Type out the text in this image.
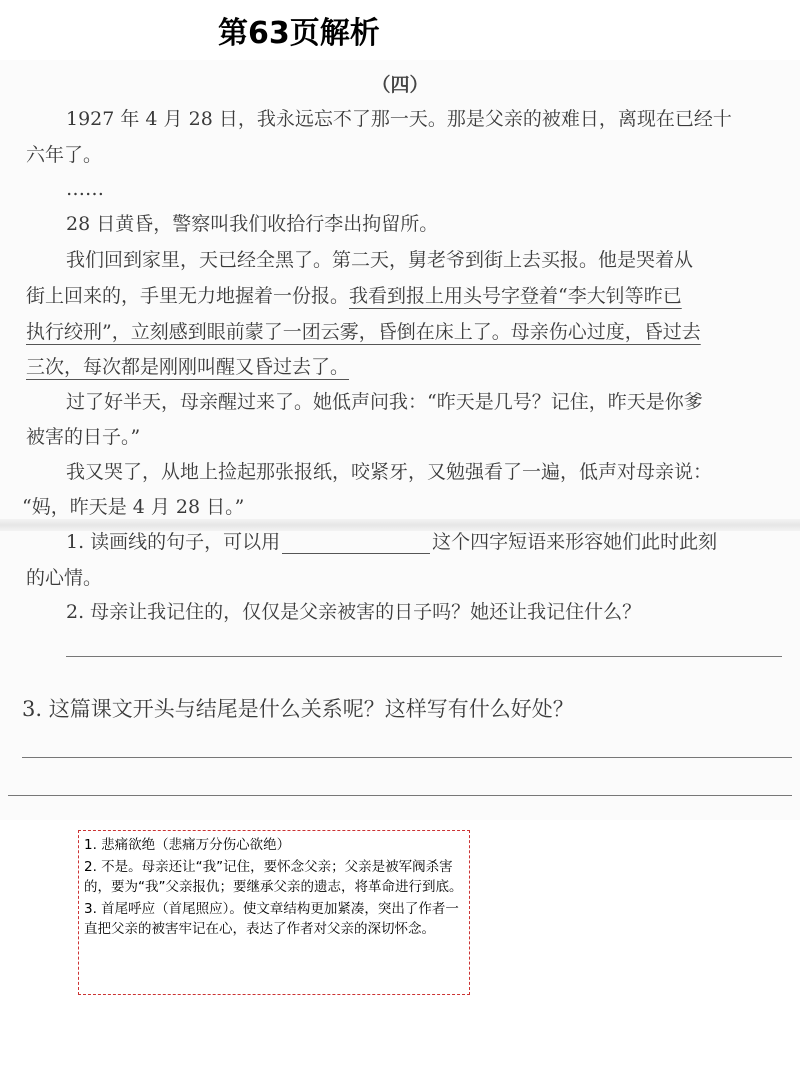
第63页解析
（四）
1927 年 4 月 28 日，我永远忘不了那一天。那是父亲的被难日，离现在已经十
六年了。
……
28 日黄昏，警察叫我们收拾行李出拘留所。
我们回到家里，天已经全黑了。第二天，舅老爷到街上去买报。他是哭着从
街上回来的，手里无力地握着一份报。我看到报上用头号字登着“李大钊等昨已
执行绞刑”，立刻感到眼前蒙了一团云雾，昏倒在床上了。母亲伤心过度，昏过去
三次，每次都是刚刚叫醒又昏过去了。
过了好半天，母亲醒过来了。她低声问我：“昨天是几号？记住，昨天是你爹
被害的日子。”
我又哭了，从地上捡起那张报纸，咬紧牙，又勉强看了一遍，低声对母亲说：
“妈，昨天是 4 月 28 日。”
1. 读画线的句子，可以用	这个四字短语来形容她们此时此刻
的心情。
2. 母亲让我记住的，仅仅是父亲被害的日子吗？她还让我记住什么？
3. 这篇课文开头与结尾是什么关系呢？这样写有什么好处？

1. 悲痛欲绝（悲痛万分伤心欲绝）

2. 不是。母亲还让“我”记住，要怀念父亲；父亲是被军阀杀害的，要为“我”父亲报仇；要继承父亲的遗志，将革命进行到底。

3. 首尾呼应（首尾照应）。使文章结构更加紧凑，突出了作者一直把父亲的被害牢记在心，表达了作者对父亲的深切怀念。
